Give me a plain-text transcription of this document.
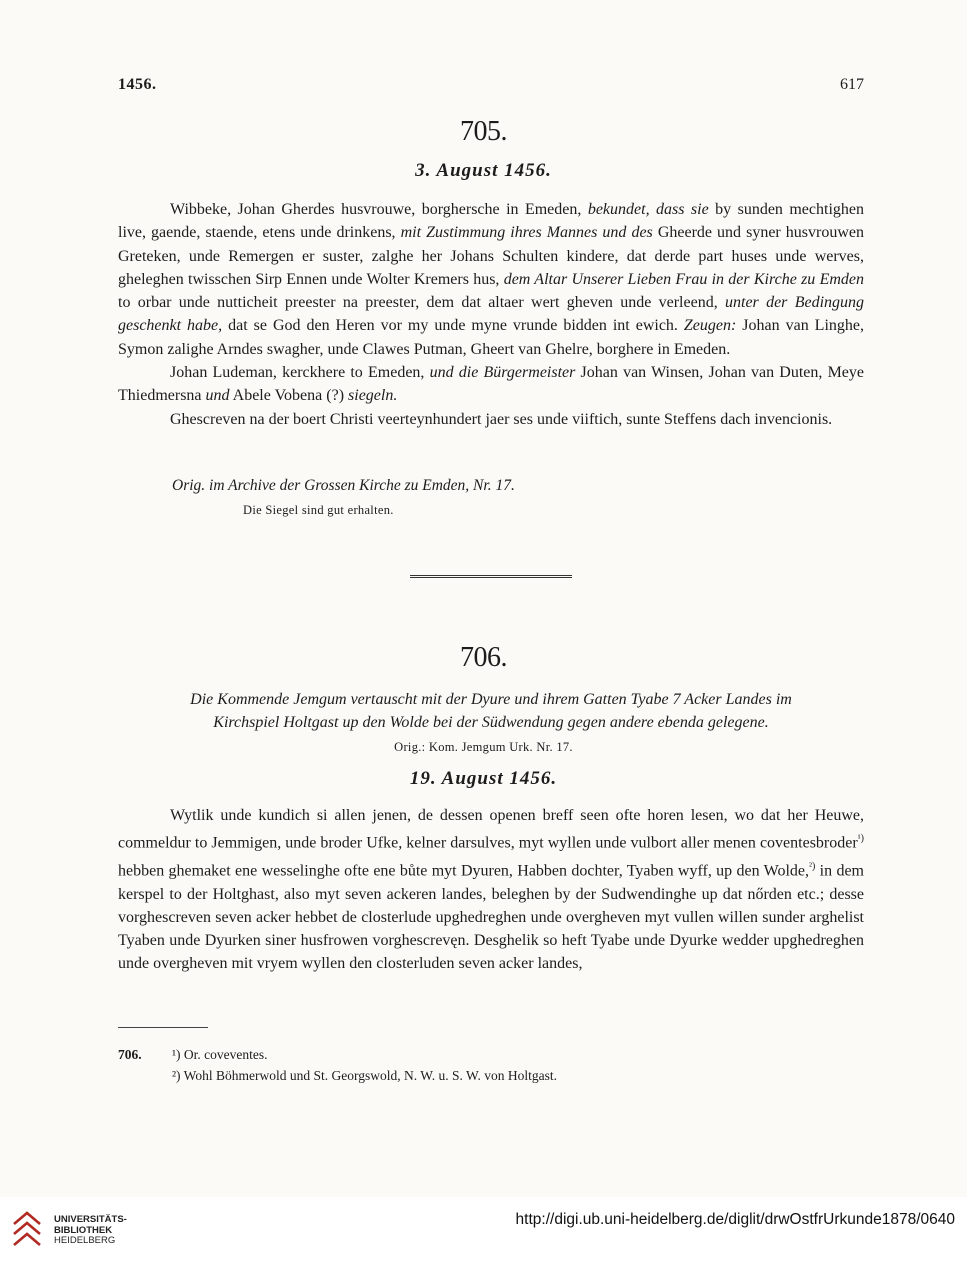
1456.	617
705.
3. August 1456.

Wibbeke, Johan Gherdes husvrouwe, borghersche in Emeden, bekundet, dass sie by sunden mechtighen live, gaende, staende, etens unde drinkens, mit Zustimmung ihres Mannes und des Gheerde und syner husvrouwen Greteken, unde Remergen er suster, zalghe her Johans Schulten kindere, dat derde part huses unde werves, gheleghen twisschen Sirp Ennen unde Wolter Kremers hus, dem Altar Unserer Lieben Frau in der Kirche zu Emden to orbar unde nutticheit preester na preester, dem dat altaer wert gheven unde verleend, unter der Bedingung geschenkt habe, dat se God den Heren vor my unde myne vrunde bidden int ewich. Zeugen: Johan van Linghe, Symon zalighe Arndes swagher, unde Clawes Putman, Gheert van Ghelre, borghere in Emeden.

Johan Ludeman, kerckhere to Emeden, und die Bürgermeister Johan van Winsen, Johan van Duten, Meye Thiedmersna und Abele Vobena (?) siegeln.

Ghescreven na der boert Christi veerteynhundert jaer ses unde viiftich, sunte Steffens dach invencionis.

Orig. im Archive der Grossen Kirche zu Emden, Nr. 17.
Die Siegel sind gut erhalten.
706.
Die Kommende Jemgum vertauscht mit der Dyure und ihrem Gatten Tyabe 7 Acker Landes im
Kirchspiel Holtgast up den Wolde bei der Südwendung gegen andere ebenda gelegene.
Orig.: Kom. Jemgum Urk. Nr. 17.
19. August 1456.

Wytlik unde kundich si allen jenen, de dessen openen breff seen ofte horen lesen, wo dat her Heuwe, commeldur to Jemmigen, unde broder Ufke, kelner darsulves, myt wyllen unde vulbort aller menen coventesbroder$^{^1)}$ hebben ghemaket ene wesselinghe ofte ene bůte myt Dyuren, Habben dochter, Tyaben wyff, up den Wolde,$^{^2)}$ in dem kerspel to der Holtghast, also myt seven ackeren landes, beleghen by der Sudwendinghe up dat nőrden etc.; desse vorghescreven seven acker hebbet de closterlude upghedreghen unde overgheven myt vullen willen sunder arghelist Tyaben unde Dyurken siner husfrowen vorghescrevęn. Desghelik so heft Tyabe unde Dyurke wedder upghedreghen unde overgheven mit vryem wyllen den closterluden seven acker landes,

706. ¹) Or. coveventes.
²) Wohl Böhmerwold und St. Georgswold, N. W. u. S. W. von Holtgast.
UNIVERSITÄTS-
BIBLIOTHEK
HEIDELBERG
http://digi.ub.uni-heidelberg.de/diglit/drwOstfrUrkunde1878/0640
